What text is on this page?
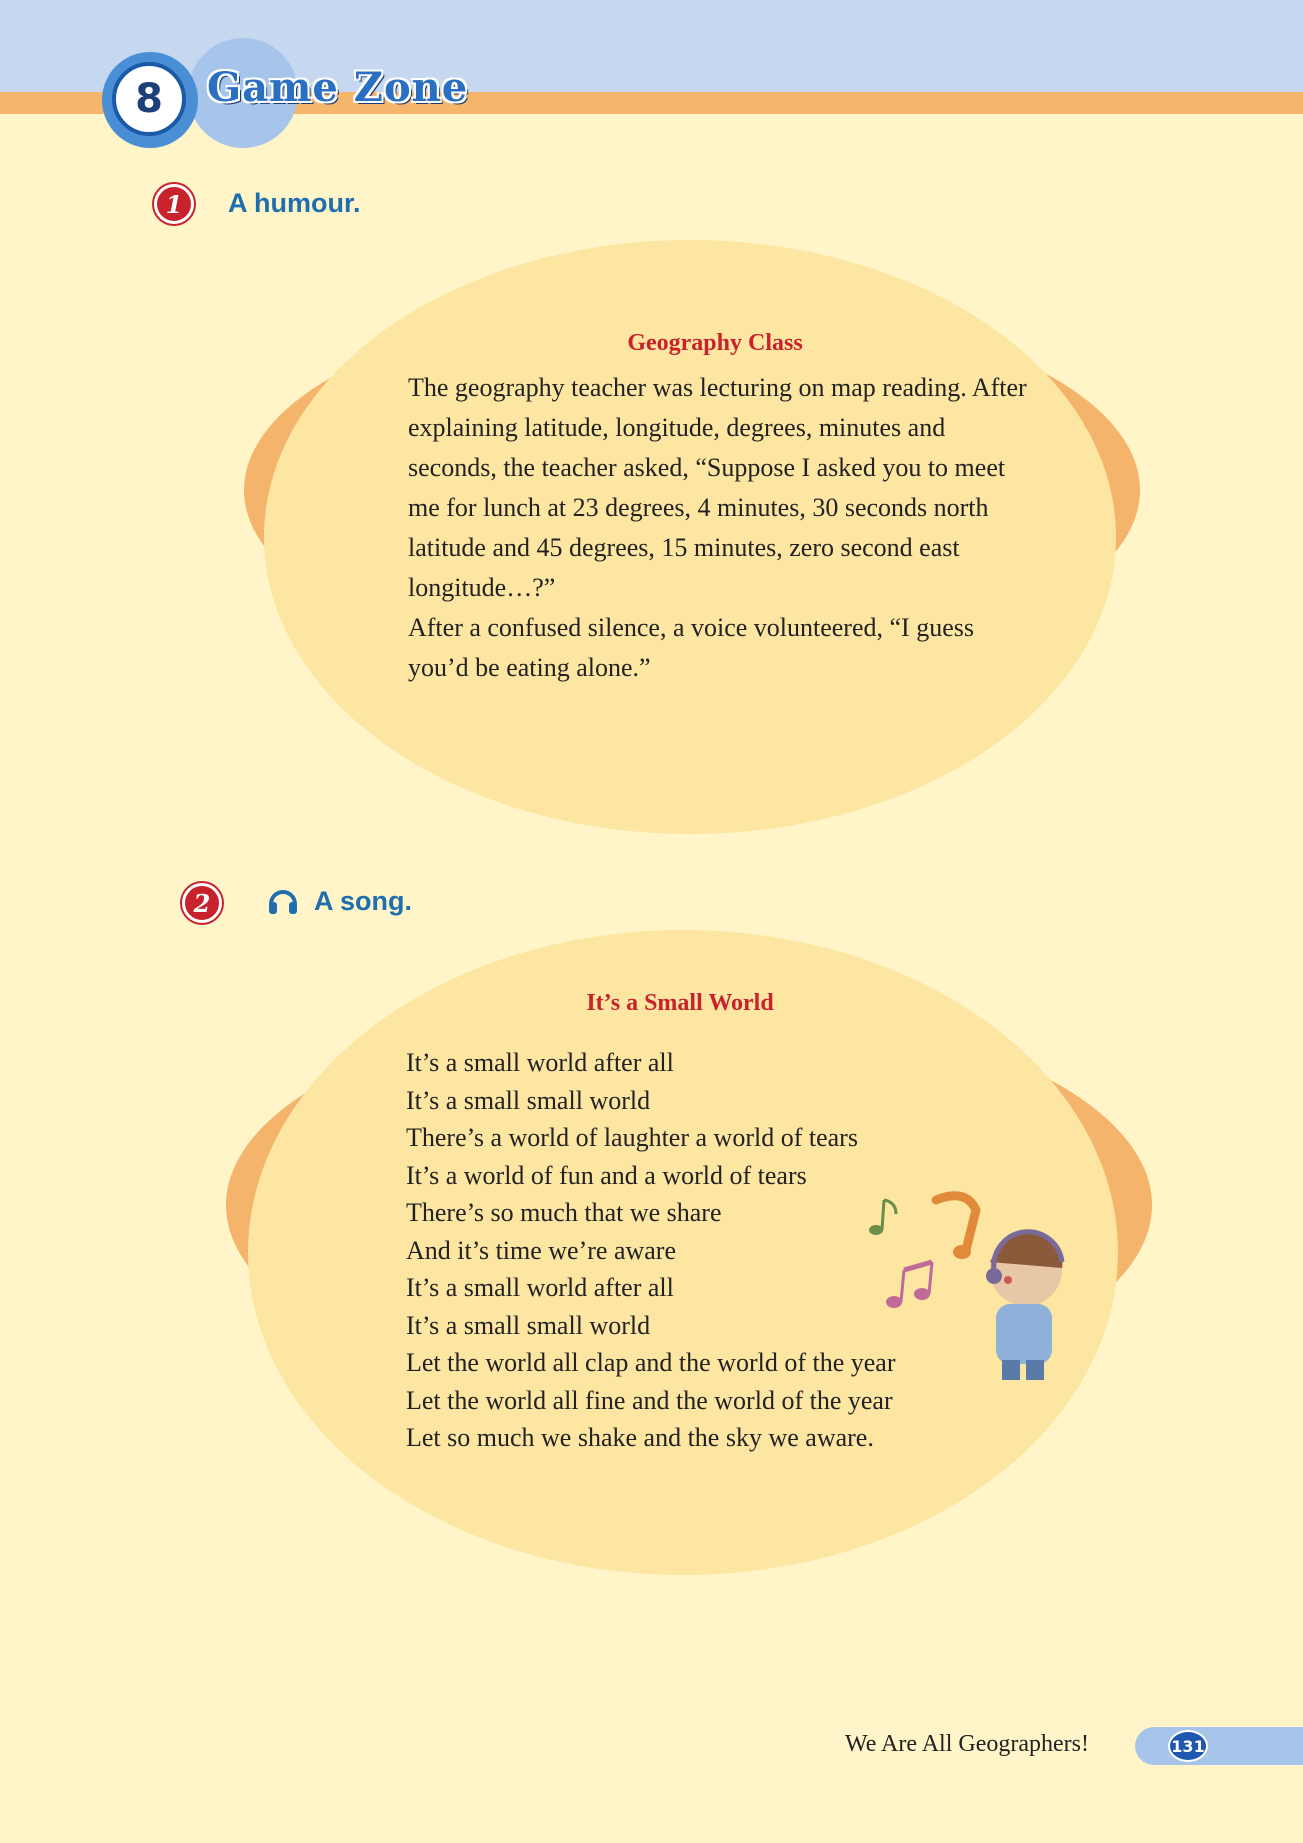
8	Game Zone
1	A humour.
Geography Class

The geography teacher was lecturing on map reading. After explaining latitude, longitude, degrees, minutes and seconds, the teacher asked, “Suppose I asked you to meet me for lunch at 23 degrees, 4 minutes, 30 seconds north latitude and 45 degrees, 15 minutes, zero second east longitude…?”

After a confused silence, a voice volunteered, “I guess you’d be eating alone.”

2	A song.
It’s a Small World
It’s a small world after all
It’s a small small world
There’s a world of laughter a world of tears
It’s a world of fun and a world of tears
There’s so much that we share
And it’s time we’re aware
It’s a small world after all
It’s a small small world
Let the world all clap and the world of the year
Let the world all fine and the world of the year
Let so much we shake and the sky we aware.
We Are All Geographers!	131
